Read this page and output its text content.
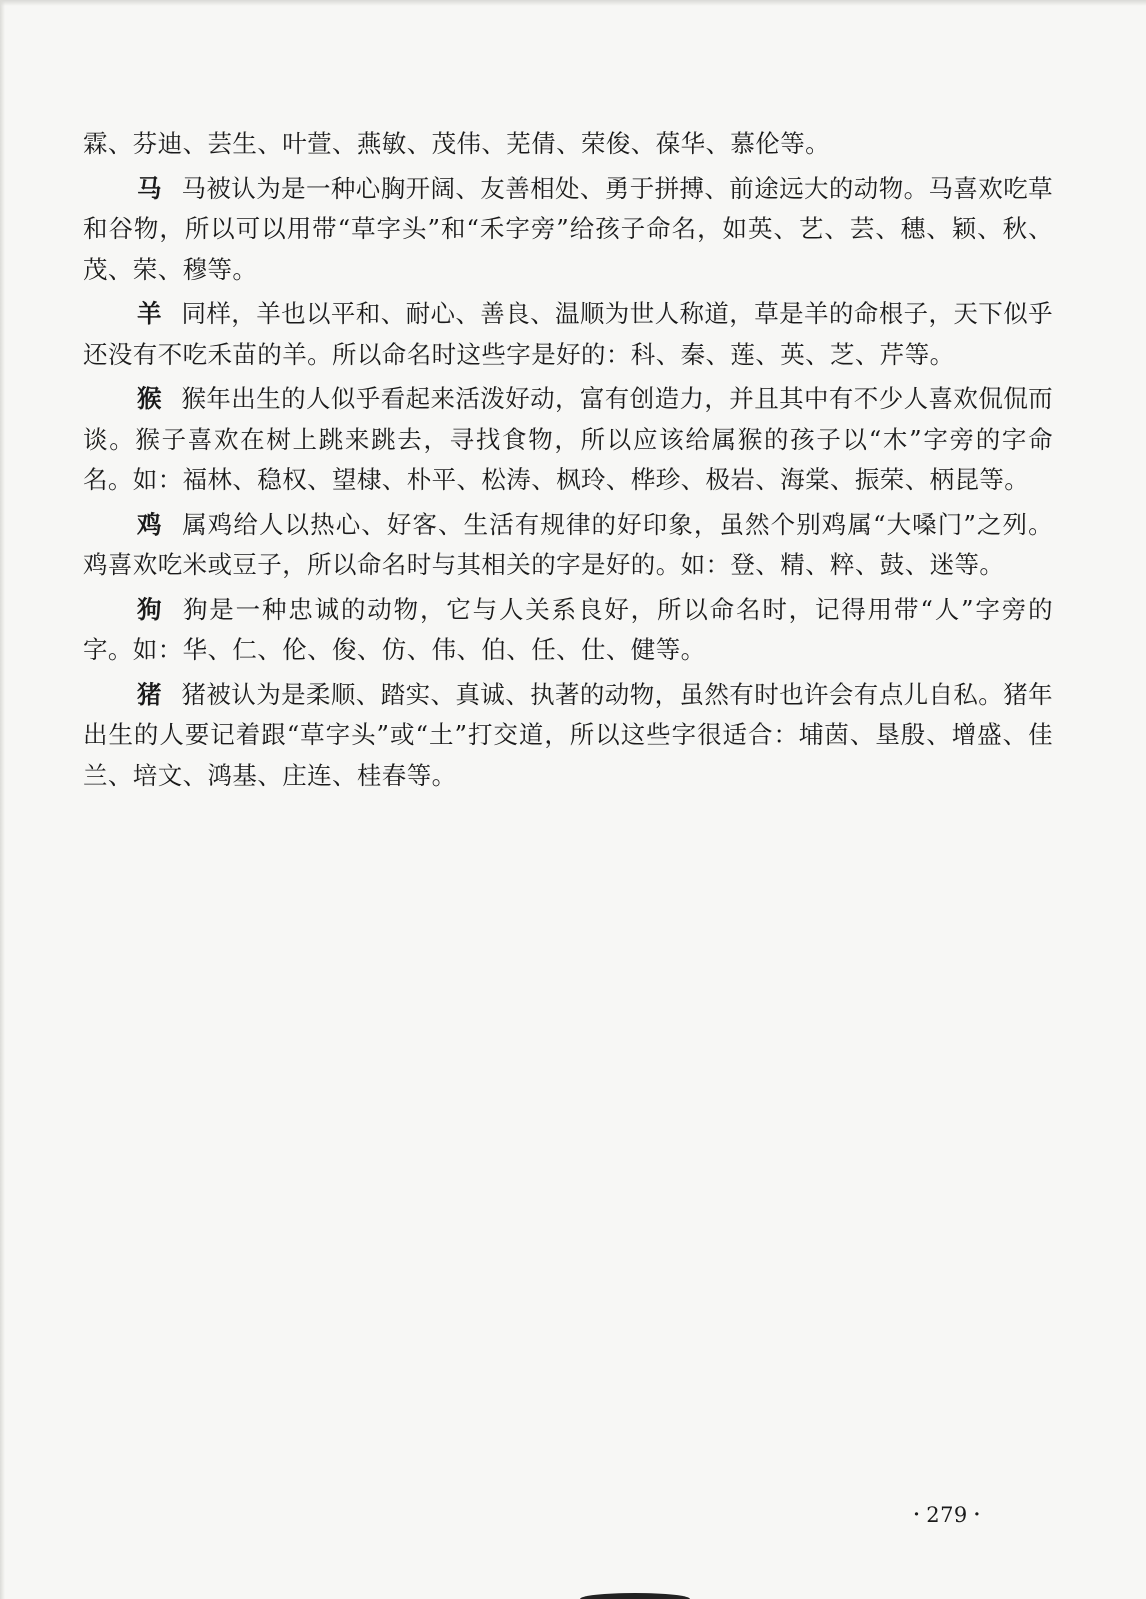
霖、芬迪、芸生、叶萱、燕敏、茂伟、芜倩、荣俊、葆华、慕伦等。

马 马被认为是一种心胸开阔、友善相处、勇于拼搏、前途远大的动物。马喜欢吃草和谷物，所以可以用带“草字头”和“禾字旁”给孩子命名，如英、艺、芸、穗、颖、秋、茂、荣、穆等。

羊 同样，羊也以平和、耐心、善良、温顺为世人称道，草是羊的命根子，天下似乎还没有不吃禾苗的羊。所以命名时这些字是好的：科、秦、莲、英、芝、芹等。

猴 猴年出生的人似乎看起来活泼好动，富有创造力，并且其中有不少人喜欢侃侃而谈。猴子喜欢在树上跳来跳去，寻找食物，所以应该给属猴的孩子以“木”字旁的字命名。如：福林、稳权、望棣、朴平、松涛、枫玲、桦珍、极岩、海棠、振荣、柄昆等。

鸡 属鸡给人以热心、好客、生活有规律的好印象，虽然个别鸡属“大嗓门”之列。鸡喜欢吃米或豆子，所以命名时与其相关的字是好的。如：登、精、粹、鼓、迷等。

狗 狗是一种忠诚的动物，它与人关系良好，所以命名时，记得用带“人”字旁的字。如：华、仁、伦、俊、仿、伟、伯、任、仕、健等。

猪 猪被认为是柔顺、踏实、真诚、执著的动物，虽然有时也许会有点儿自私。猪年出生的人要记着跟“草字头”或“土”打交道，所以这些字很适合：埔茵、垦殷、增盛、佳兰、培文、鸿基、庄连、桂春等。

· 279 ·
